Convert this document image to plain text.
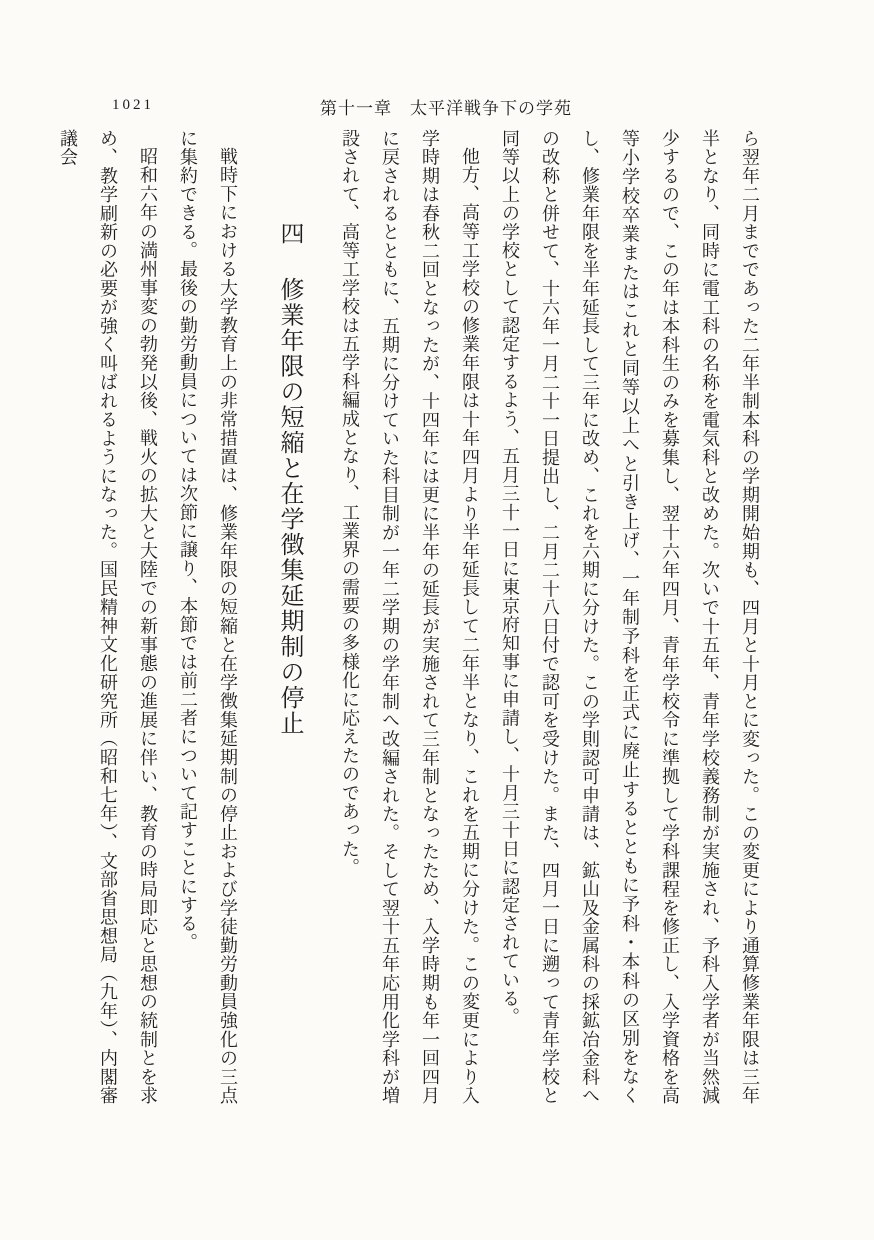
1021	第十一章　太平洋戦争下の学苑

ら翌年二月までであった二年半制本科の学期開始期も、四月と十月とに変った。この変更により通算修業年限は三年半となり、同時に電工科の名称を電気科と改めた。次いで十五年、青年学校義務制が実施され、予科入学者が当然減少するので、この年は本科生のみを募集し、翌十六年四月、青年学校令に準拠して学科課程を修正し、入学資格を高等小学校卒業またはこれと同等以上へと引き上げ、一年制予科を正式に廃止するとともに予科・本科の区別をなくし、修業年限を半年延長して三年に改め、これを六期に分けた。この学則認可申請は、鉱山及金属科の採鉱冶金科への改称と併せて、十六年一月二十一日提出し、二月二十八日付で認可を受けた。また、四月一日に遡って青年学校と同等以上の学校として認定するよう、五月三十一日に東京府知事に申請し、十月三十日に認定されている。

他方、高等工学校の修業年限は十年四月より半年延長して二年半となり、これを五期に分けた。この変更により入学時期は春秋二回となったが、十四年には更に半年の延長が実施されて三年制となったため、入学時期も年一回四月に戻されるとともに、五期に分けていた科目制が一年二学期の学年制へ改編された。そして翌十五年応用化学科が増設されて、高等工学校は五学科編成となり、工業界の需要の多様化に応えたのであった。

四 修業年限の短縮と在学徴集延期制の停止

戦時下における大学教育上の非常措置は、修業年限の短縮と在学徴集延期制の停止および学徒勤労動員強化の三点に集約できる。最後の勤労動員については次節に譲り、本節では前二者について記すことにする。

昭和六年の満州事変の勃発以後、戦火の拡大と大陸での新事態の進展に伴い、教育の時局即応と思想の統制とを求め、教学刷新の必要が強く叫ばれるようになった。国民精神文化研究所（昭和七年）、文部省思想局（九年）、内閣審議会
